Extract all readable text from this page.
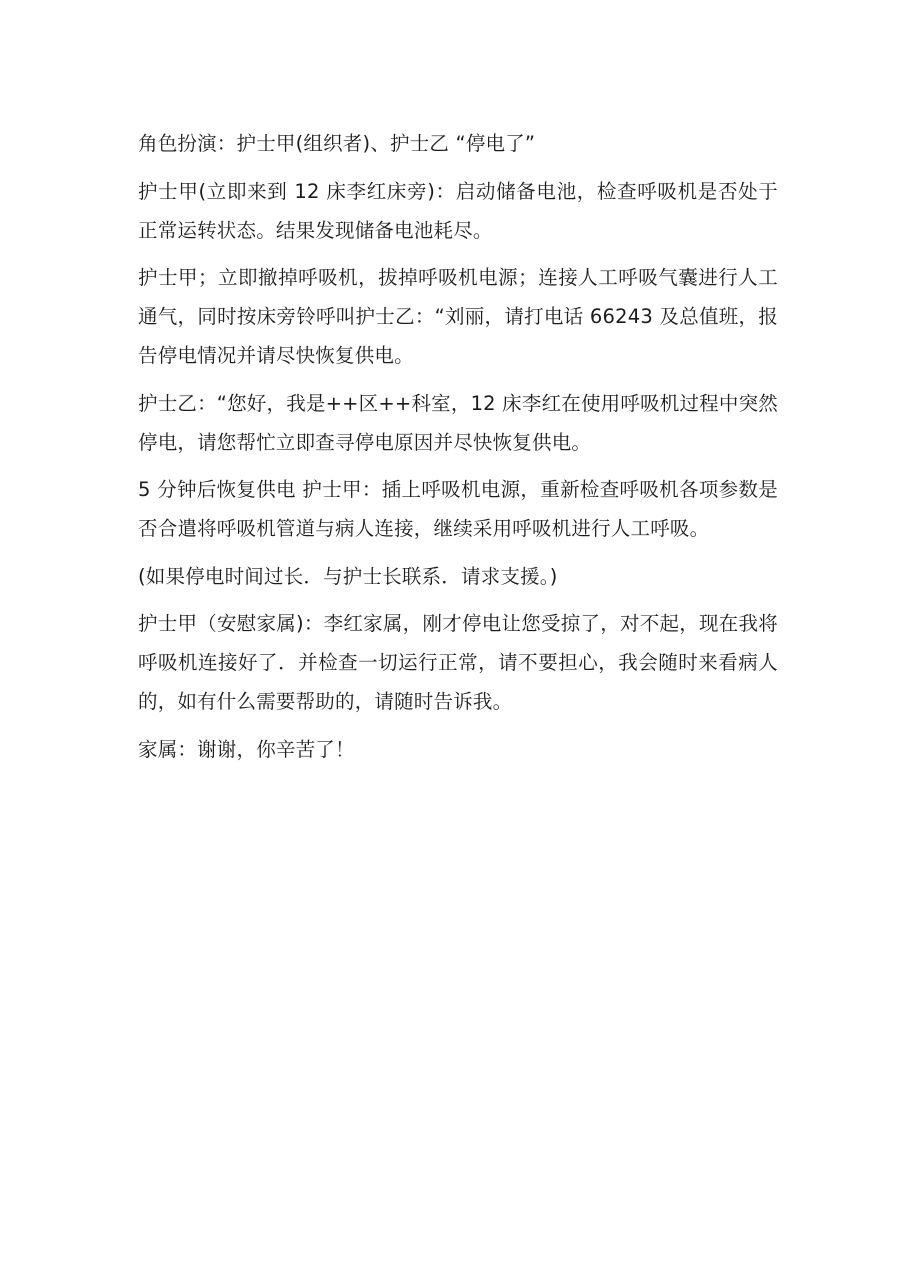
角色扮演：护士甲(组织者)、护士乙 “停电了”

护士甲(立即来到 12 床李红床旁)：启动储备电池，检查呼吸机是否处于正常运转状态。结果发现储备电池耗尽。

护士甲；立即撤掉呼吸机，拔掉呼吸机电源；连接人工呼吸气囊进行人工通气，同时按床旁铃呼叫护士乙：“刘丽，请打电话 66243 及总值班，报告停电情况并请尽快恢复供电。

护士乙：“您好，我是++区++科室，12 床李红在使用呼吸机过程中突然停电，请您帮忙立即查寻停电原因并尽快恢复供电。

5 分钟后恢复供电 护士甲：插上呼吸机电源，重新检查呼吸机各项参数是否合遣将呼吸机管道与病人连接，继续采用呼吸机进行人工呼吸。

(如果停电时间过长．与护士长联系．请求支援。)

护士甲（安慰家属)：李红家属，刚才停电让您受掠了，对不起，现在我将呼吸机连接好了．并检查一切运行正常，请不要担心，我会随时来看病人的，如有什么需要帮助的，请随时告诉我。

家属：谢谢，你辛苦了！
